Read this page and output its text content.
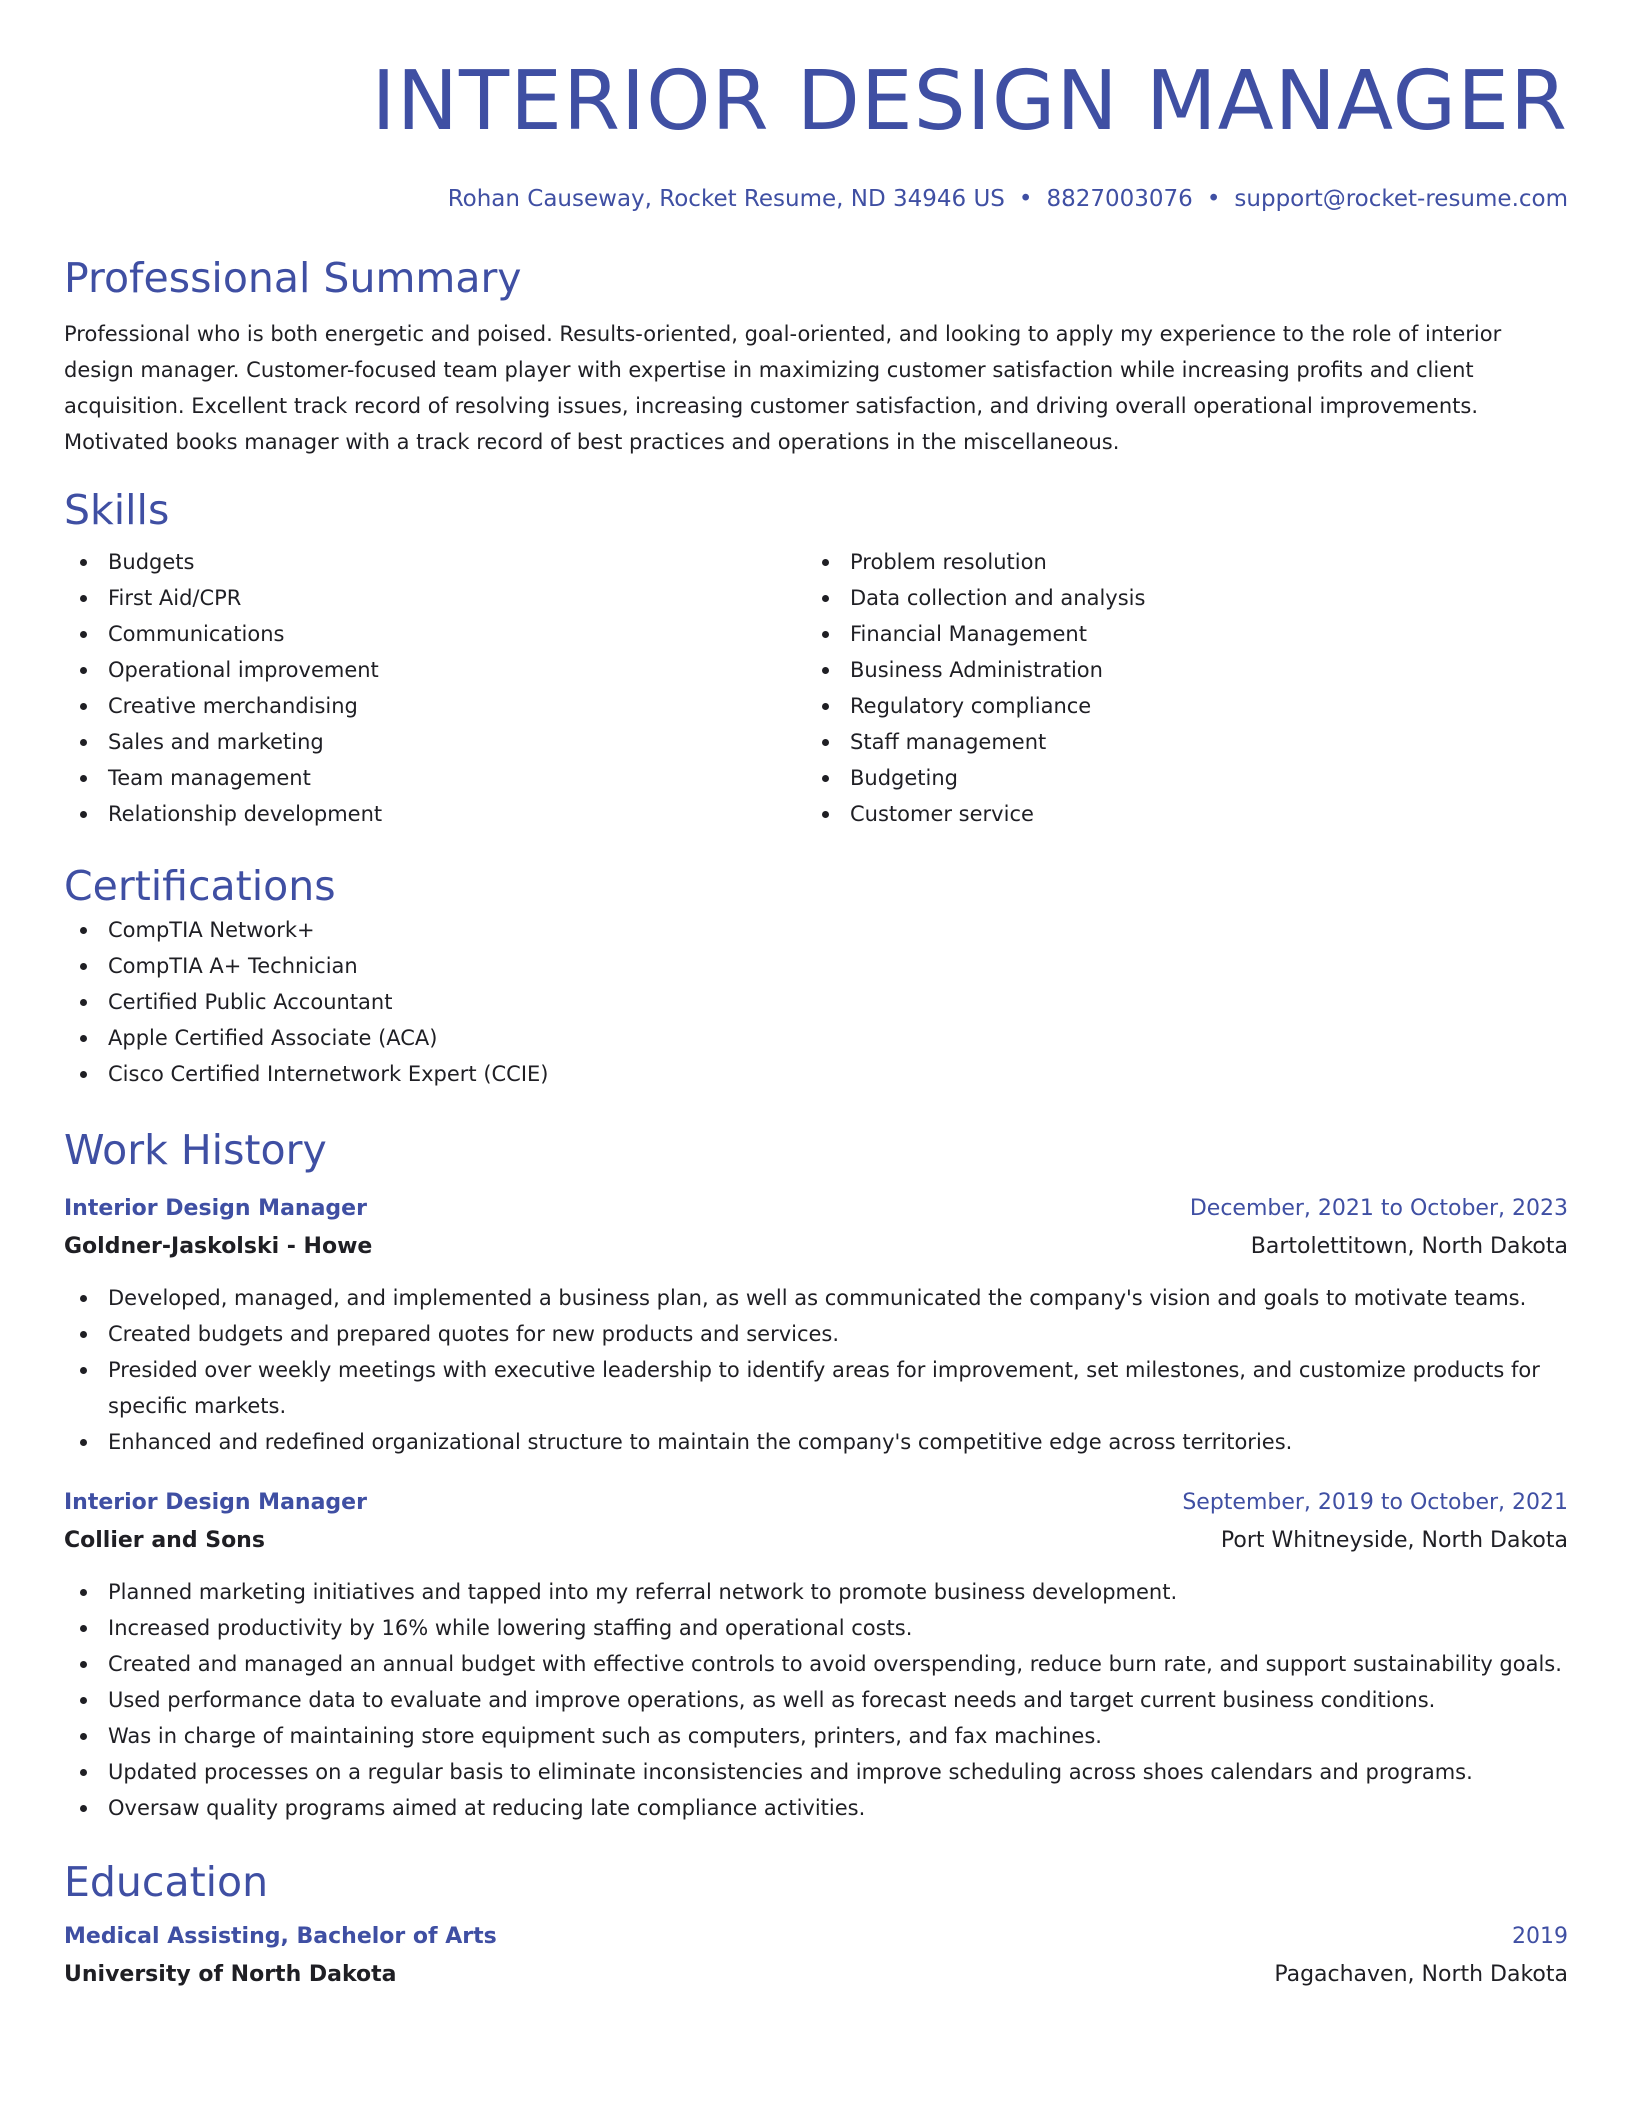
INTERIOR DESIGN MANAGER
Rohan Causeway, Rocket Resume, ND 34946 US • 8827003076 • support@rocket-resume.com
Professional Summary

Professional who is both energetic and poised. Results-oriented, goal-oriented, and looking to apply my experience to the role of interior design manager. Customer-focused team player with expertise in maximizing customer satisfaction while increasing profits and client acquisition. Excellent track record of resolving issues, increasing customer satisfaction, and driving overall operational improvements. Motivated books manager with a track record of best practices and operations in the miscellaneous.

Skills
Budgets
First Aid/CPR
Communications
Operational improvement
Creative merchandising
Sales and marketing
Team management
Relationship development
Problem resolution
Data collection and analysis
Financial Management
Business Administration
Regulatory compliance
Staff management
Budgeting
Customer service
Certifications
CompTIA Network+
CompTIA A+ Technician
Certified Public Accountant
Apple Certified Associate (ACA)
Cisco Certified Internetwork Expert (CCIE)
Work History
Interior Design Manager	December, 2021 to October, 2023
Goldner-Jaskolski - Howe	Bartolettitown, North Dakota
Developed, managed, and implemented a business plan, as well as communicated the company's vision and goals to motivate teams.
Created budgets and prepared quotes for new products and services.
Presided over weekly meetings with executive leadership to identify areas for improvement, set milestones, and customize products for specific markets.
Enhanced and redefined organizational structure to maintain the company's competitive edge across territories.
Interior Design Manager	September, 2019 to October, 2021
Collier and Sons	Port Whitneyside, North Dakota
Planned marketing initiatives and tapped into my referral network to promote business development.
Increased productivity by 16% while lowering staffing and operational costs.
Created and managed an annual budget with effective controls to avoid overspending, reduce burn rate, and support sustainability goals.
Used performance data to evaluate and improve operations, as well as forecast needs and target current business conditions.
Was in charge of maintaining store equipment such as computers, printers, and fax machines.
Updated processes on a regular basis to eliminate inconsistencies and improve scheduling across shoes calendars and programs.
Oversaw quality programs aimed at reducing late compliance activities.
Education
Medical Assisting, Bachelor of Arts	2019
University of North Dakota	Pagachaven, North Dakota
